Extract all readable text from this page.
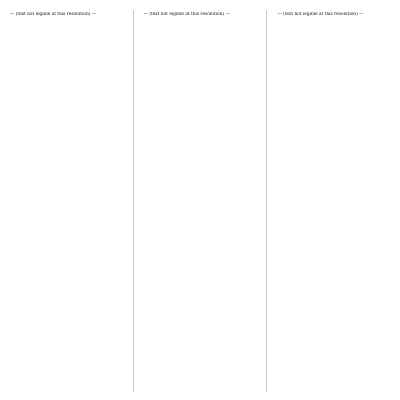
— (text not legible at this resolution) —	— (text not legible at this resolution) —	— (text not legible at this resolution) —
